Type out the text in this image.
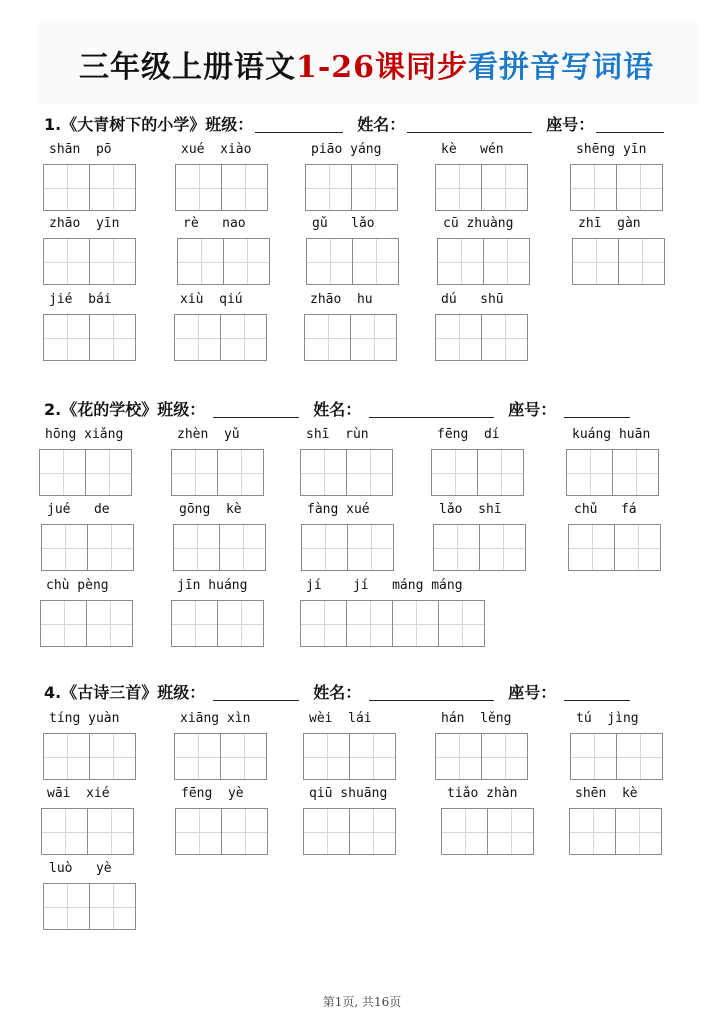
三年级上册语文1-26课同步看拼音写词语
1.《大青树下的小学》 班级：	姓名：	座号：
2.《花的学校》 班级：	姓名：	座号：
4.《古诗三首》 班级：	姓名：	座号：
shān  pō	xué  xiào	piāo yáng	kè   wén	shēng yīn
zhāo  yīn	rè   nao	gǔ   lǎo	cū zhuàng	zhī  gàn
jié  bái	xiù  qiú	zhāo  hu	dú   shū
hōng xiǎng	zhèn  yǔ	shī  rùn	fēng  dí	kuáng huān
jué   de	gōng  kè	fàng xué	lǎo  shī	chǔ   fá
chù pèng	jīn huáng	jí    jí   máng máng
tíng yuàn	xiāng xìn	wèi  lái	hán  lěng	tú  jìng
wāi  xié	fēng  yè	qiū shuāng	tiǎo zhàn	shēn  kè
luò   yè
第1页, 共16页
